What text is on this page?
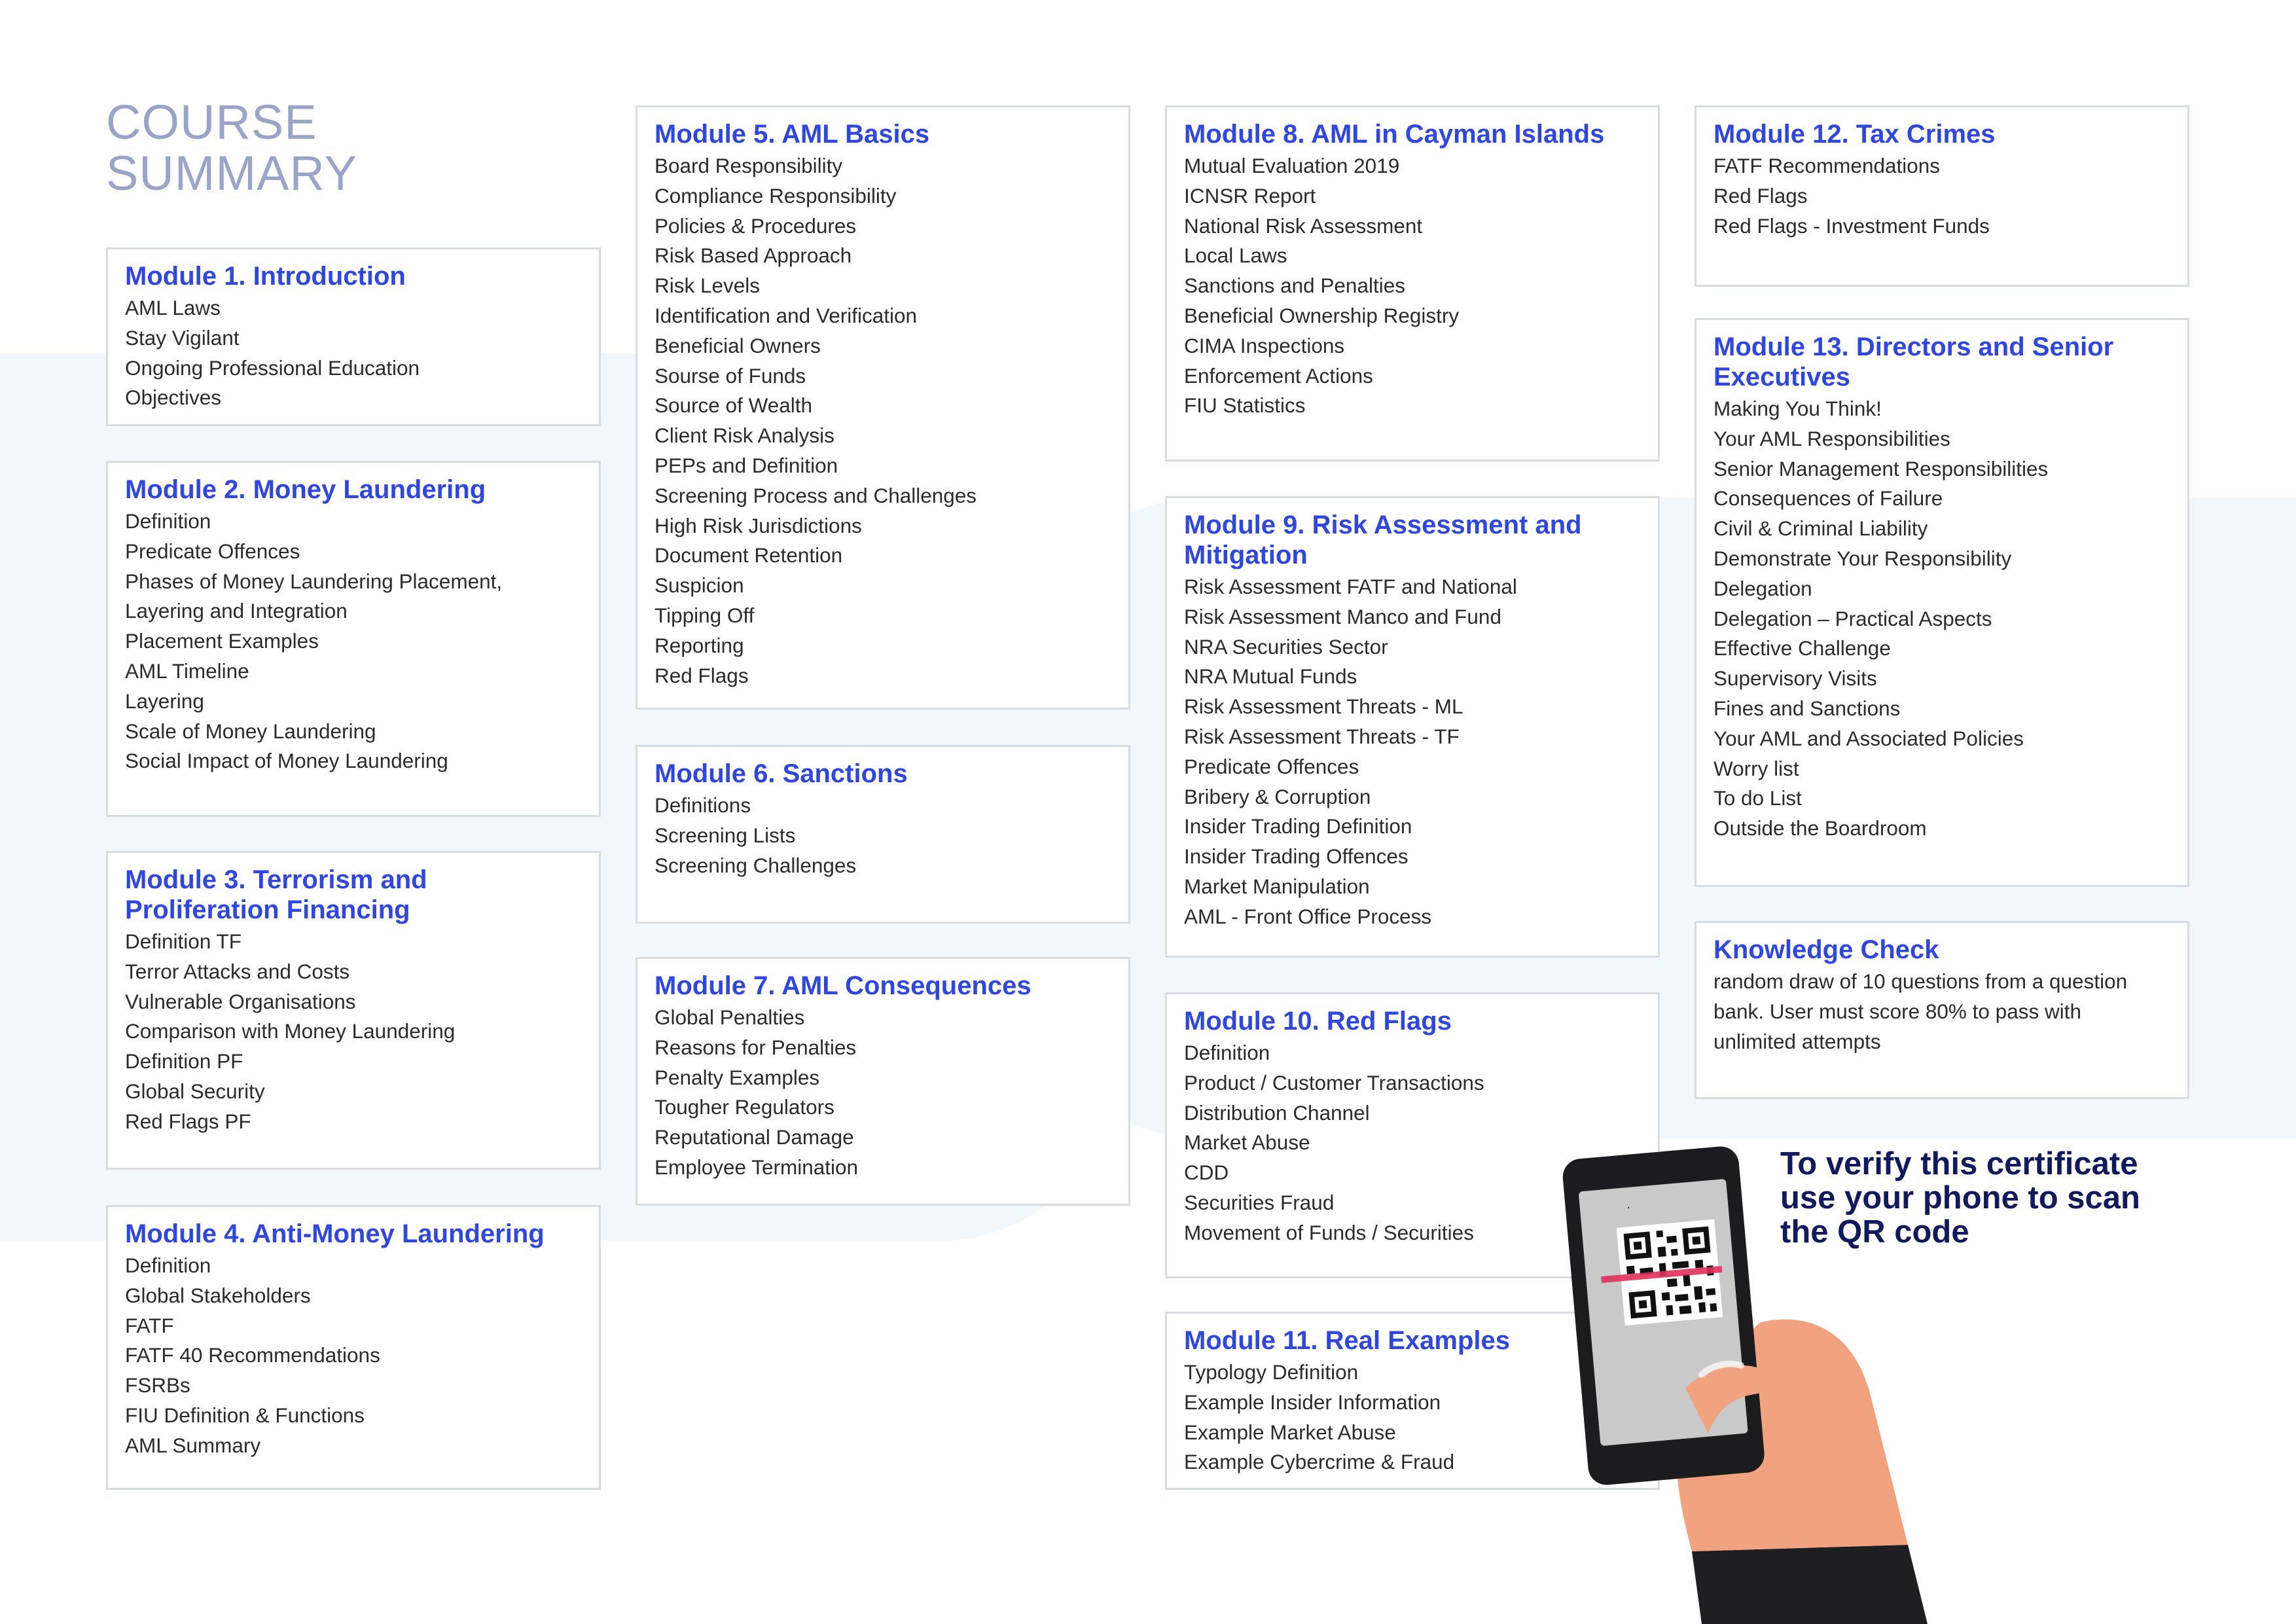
COURSE
SUMMARY
Module 1. Introduction
AML Laws
Stay Vigilant
Ongoing Professional Education
Objectives
Module 2. Money Laundering
Definition
Predicate Offences
Phases of Money Laundering Placement,
Layering and Integration
Placement Examples
AML Timeline
Layering
Scale of Money Laundering
Social Impact of Money Laundering
Module 3. Terrorism and Proliferation Financing
Definition TF
Terror Attacks and Costs
Vulnerable Organisations
Comparison with Money Laundering
Definition PF
Global Security
Red Flags PF
Module 4. Anti-Money Laundering
Definition
Global Stakeholders
FATF
FATF 40 Recommendations
FSRBs
FIU Definition & Functions
AML Summary
Module 5. AML Basics
Board Responsibility
Compliance Responsibility
Policies & Procedures
Risk Based Approach
Risk Levels
Identification and Verification
Beneficial Owners
Sourse of Funds
Source of Wealth
Client Risk Analysis
PEPs and Definition
Screening Process and Challenges
High Risk Jurisdictions
Document Retention
Suspicion
Tipping Off
Reporting
Red Flags
Module 6. Sanctions
Definitions
Screening Lists
Screening Challenges
Module 7. AML Consequences
Global Penalties
Reasons for Penalties
Penalty Examples
Tougher Regulators
Reputational Damage
Employee Termination
Module 8. AML in Cayman Islands
Mutual Evaluation 2019
ICNSR Report
National Risk Assessment
Local Laws
Sanctions and Penalties
Beneficial Ownership Registry
CIMA Inspections
Enforcement Actions
FIU Statistics
Module 9. Risk Assessment and Mitigation
Risk Assessment FATF and National
Risk Assessment Manco and Fund
NRA Securities Sector
NRA Mutual Funds
Risk Assessment Threats - ML
Risk Assessment Threats - TF
Predicate Offences
Bribery & Corruption
Insider Trading Definition
Insider Trading Offences
Market Manipulation
AML - Front Office Process
Module 10. Red Flags
Definition
Product / Customer Transactions
Distribution Channel
Market Abuse
CDD
Securities Fraud
Movement of Funds / Securities
Module 11. Real Examples
Typology Definition
Example Insider Information
Example Market Abuse
Example Cybercrime & Fraud
Module 12. Tax Crimes
FATF Recommendations
Red Flags
Red Flags - Investment Funds
Module 13. Directors and Senior Executives
Making You Think!
Your AML Responsibilities
Senior Management Responsibilities
Consequences of Failure
Civil & Criminal Liability
Demonstrate Your Responsibility
Delegation
Delegation – Practical Aspects
Effective Challenge
Supervisory Visits
Fines and Sanctions
Your AML and Associated Policies
Worry list
To do List
Outside the Boardroom
Knowledge Check

random draw of 10 questions from a question
bank. User must score 80% to pass with
unlimited attempts

To verify this certificate
use your phone to scan
the QR code
